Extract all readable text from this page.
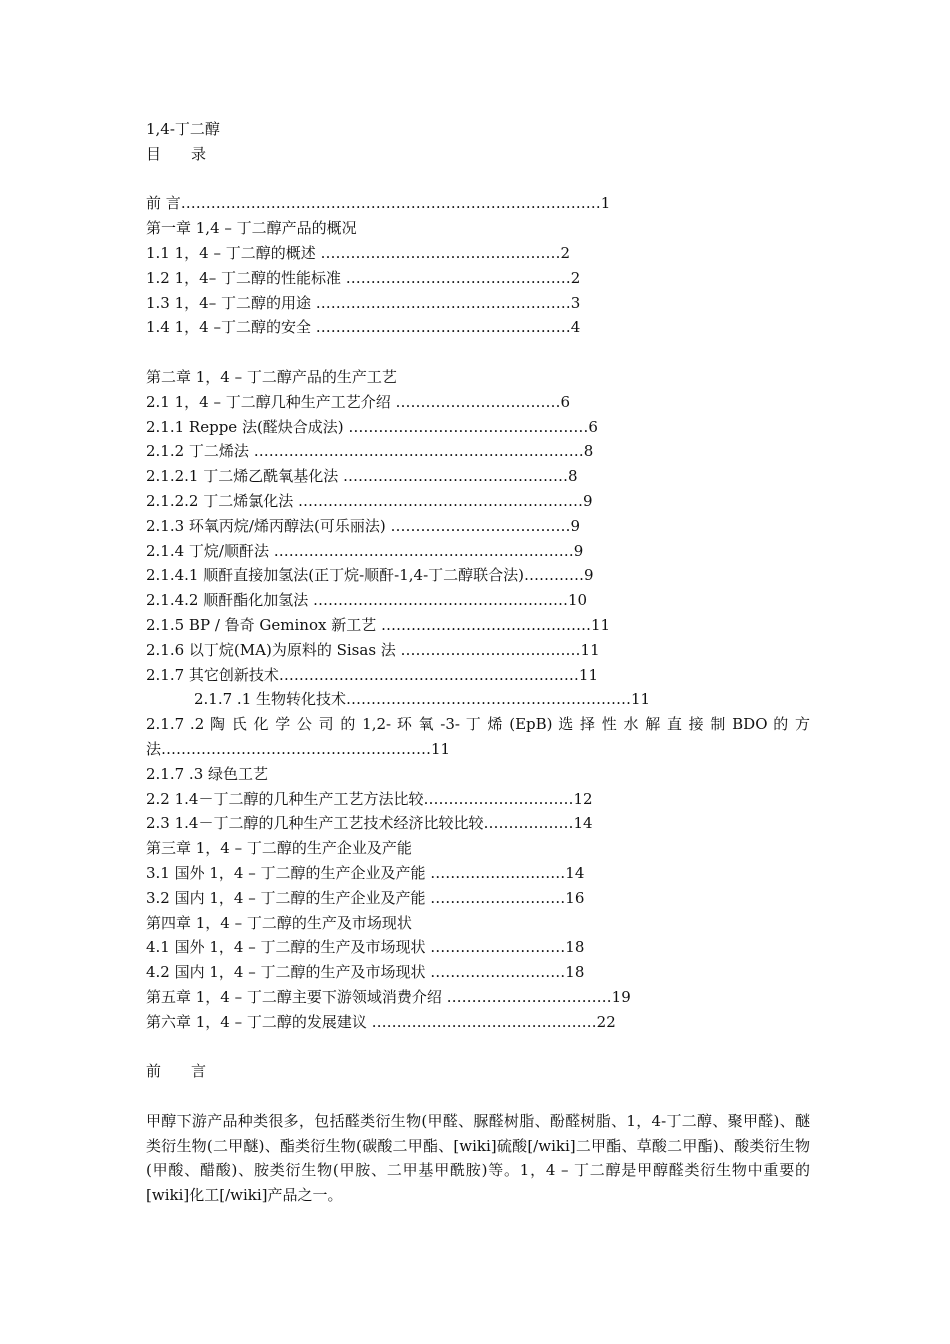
1,4-丁二醇
目　　录
前 言…………………………………………………………………………1
第一章 1,4 – 丁二醇产品的概况
1.1 1，4 – 丁二醇的概述 …………………………………………2
1.2 1，4– 丁二醇的性能标准 ………………………………………2
1.3 1，4– 丁二醇的用途 ……………………………………………3
1.4 1，4 –丁二醇的安全 ……………………………………………4
第二章 1，4 – 丁二醇产品的生产工艺
2.1 1，4 – 丁二醇几种生产工艺介绍 ……………………………6
2.1.1 Reppe 法(醛炔合成法) …………………………………………6
2.1.2 丁二烯法 …………………………………………………………8
2.1.2.1 丁二烯乙酰氧基化法 ………………………………………8
2.1.2.2 丁二烯氯化法 …………………………………………………9
2.1.3 环氧丙烷/烯丙醇法(可乐丽法) ………………………………9
2.1.4 丁烷/顺酐法 ……………………………………………………9
2.1.4.1 顺酐直接加氢法(正丁烷-顺酐-1,4-丁二醇联合法)…………9
2.1.4.2 顺酐酯化加氢法 ……………………………………………10
2.1.5 BP / 鲁奇 Geminox 新工艺 ……………………………………11
2.1.6 以丁烷(MA)为原料的 Sisas 法 ………………………………11
2.1.7 其它创新技术……………………………………………………11
2.1.7 .1 生物转化技术…………………………………………………11
2.1.7 .2 陶 氏 化 学 公 司 的 1,2- 环 氧 -3- 丁 烯 (EpB) 选 择 性 水 解 直 接 制 BDO 的 方 法………………………………………………11
2.1.7 .3 绿色工艺
2.2 1.4－丁二醇的几种生产工艺方法比较…………………………12
2.3 1.4－丁二醇的几种生产工艺技术经济比较比较………………14
第三章 1，4 – 丁二醇的生产企业及产能
3.1 国外 1，4 – 丁二醇的生产企业及产能 ………………………14
3.2 国内 1，4 – 丁二醇的生产企业及产能 ………………………16
第四章 1，4 – 丁二醇的生产及市场现状
4.1 国外 1，4 – 丁二醇的生产及市场现状 ………………………18
4.2 国内 1，4 – 丁二醇的生产及市场现状 ………………………18
第五章 1，4 – 丁二醇主要下游领域消费介绍 ……………………………19
第六章 1，4 – 丁二醇的发展建议 ………………………………………22
前　　言
甲醇下游产品种类很多，包括醛类衍生物(甲醛、脲醛树脂、酚醛树脂、1，4-丁二醇、聚甲醛)、醚类衍生物(二甲醚)、酯类衍生物(碳酸二甲酯、[wiki]硫酸[/wiki]二甲酯、草酸二甲酯)、酸类衍生物(甲酸、醋酸)、胺类衍生物(甲胺、二甲基甲酰胺)等。1，4 – 丁二醇是甲醇醛类衍生物中重要的[wiki]化工[/wiki]产品之一。
